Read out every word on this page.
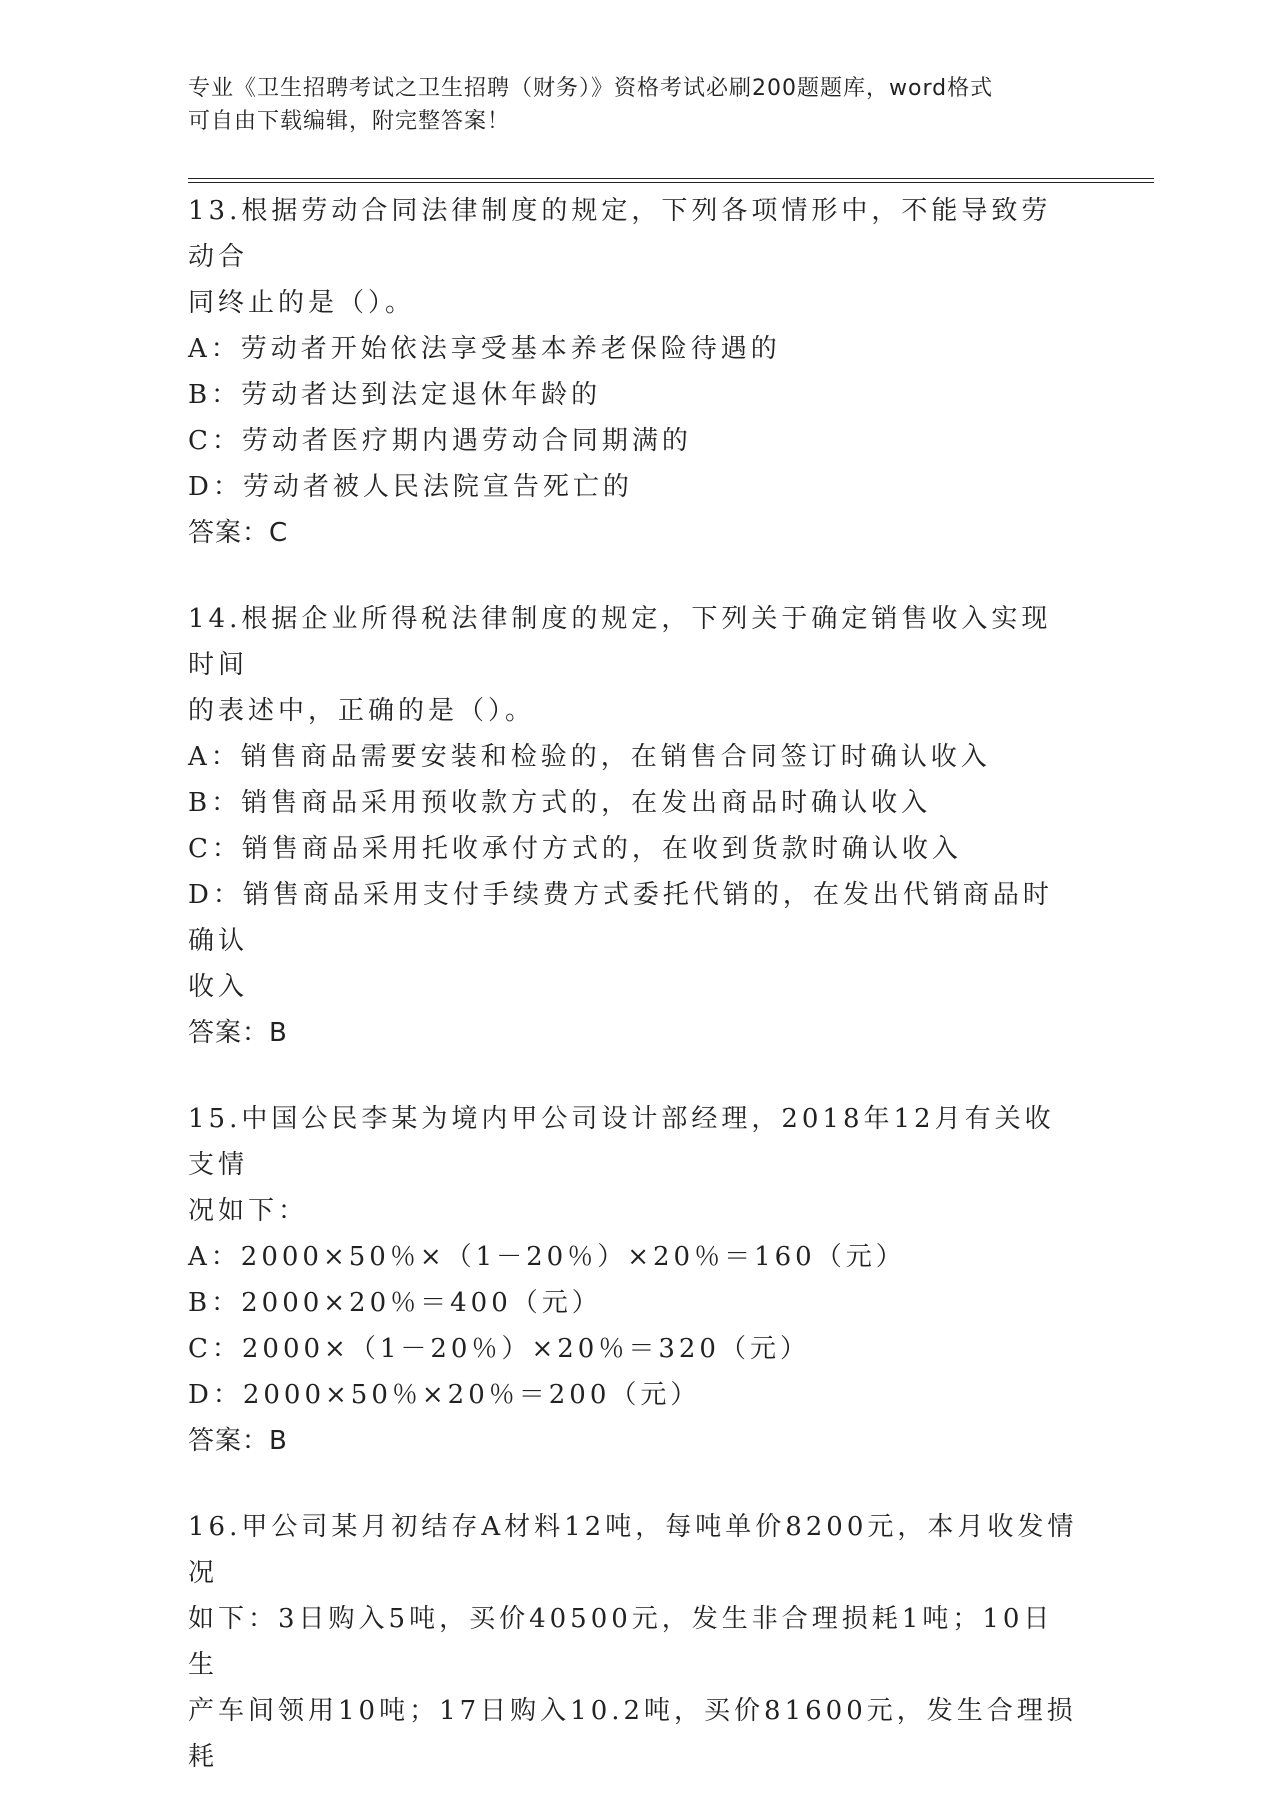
专业《卫生招聘考试之卫生招聘（财务）》资格考试必刷200题题库，word格式
可自由下载编辑，附完整答案！
13.根据劳动合同法律制度的规定，下列各项情形中，不能导致劳动合
同终止的是（）。
A：劳动者开始依法享受基本养老保险待遇的
B：劳动者达到法定退休年龄的
C：劳动者医疗期内遇劳动合同期满的
D：劳动者被人民法院宣告死亡的
答案：C
14.根据企业所得税法律制度的规定，下列关于确定销售收入实现时间
的表述中，正确的是（）。
A：销售商品需要安装和检验的，在销售合同签订时确认收入
B：销售商品采用预收款方式的，在发出商品时确认收入
C：销售商品采用托收承付方式的，在收到货款时确认收入
D：销售商品采用支付手续费方式委托代销的，在发出代销商品时确认
收入
答案：B
15.中国公民李某为境内甲公司设计部经理，2018年12月有关收支情
况如下：
A：2000×50％×（1－20％）×20％＝160（元）
B：2000×20％＝400（元）
C：2000×（1－20％）×20％＝320（元）
D：2000×50％×20％＝200（元）
答案：B
16.甲公司某月初结存A材料12吨，每吨单价8200元，本月收发情况
如下：3日购入5吨，买价40500元，发生非合理损耗1吨；10日生
产车间领用10吨；17日购入10.2吨，买价81600元，发生合理损耗
